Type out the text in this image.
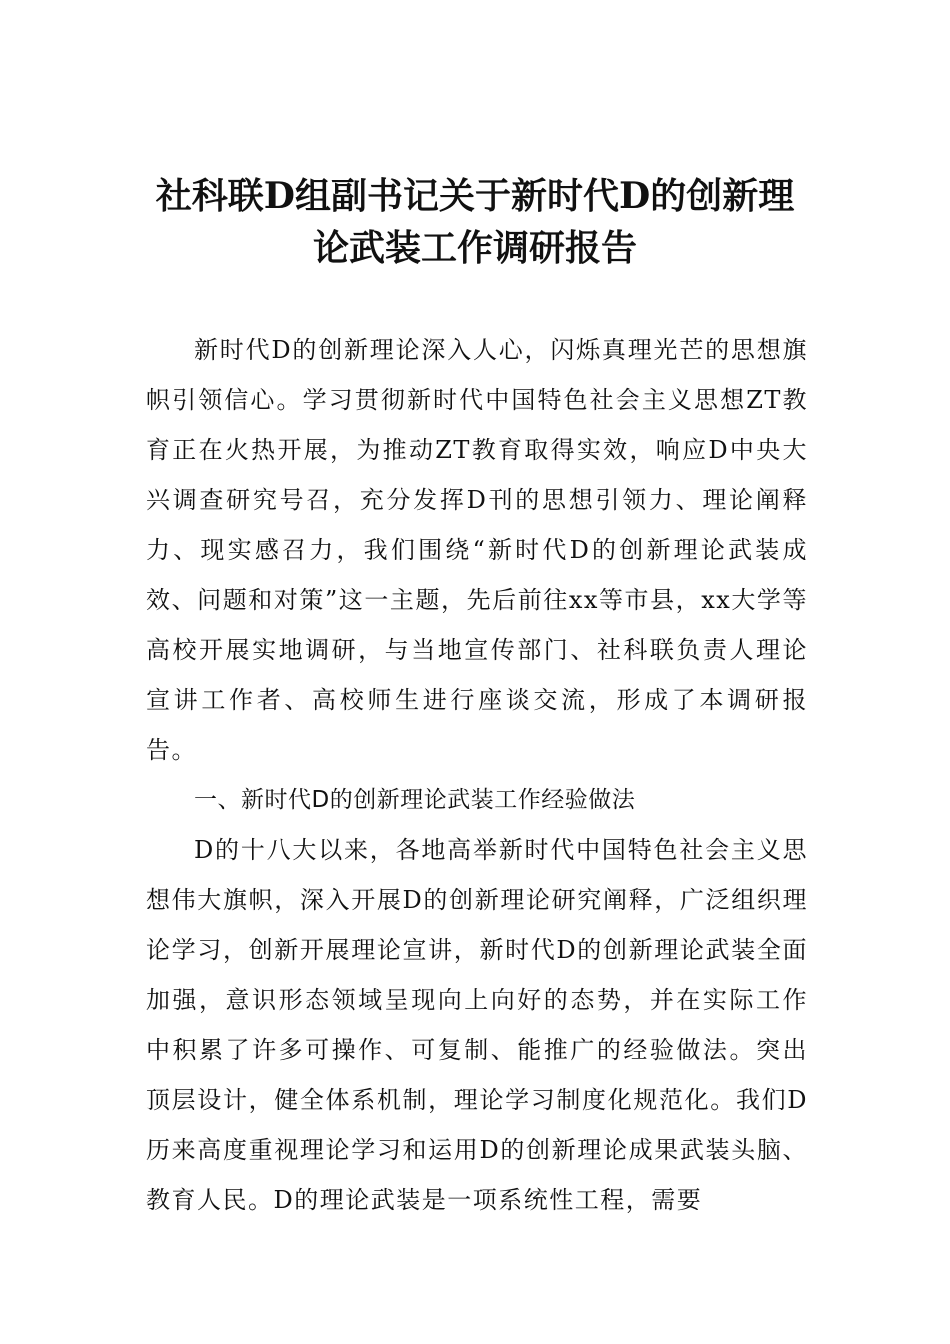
社科联D组副书记关于新时代D的创新理
论武装工作调研报告

新时代D的创新理论深入人心，闪烁真理光芒的思想旗帜引领信心。学习贯彻新时代中国特色社会主义思想ZT教育正在火热开展，为推动ZT教育取得实效，响应D中央大兴调查研究号召，充分发挥D刊的思想引领力、理论阐释力、现实感召力，我们围绕“新时代D的创新理论武装成效、问题和对策”这一主题，先后前往xx等市县，xx大学等高校开展实地调研，与当地宣传部门、社科联负责人理论宣讲工作者、高校师生进行座谈交流，形成了本调研报告。

一、新时代D的创新理论武装工作经验做法

D的十八大以来，各地高举新时代中国特色社会主义思想伟大旗帜，深入开展D的创新理论研究阐释，广泛组织理论学习，创新开展理论宣讲，新时代D的创新理论武装全面加强，意识形态领域呈现向上向好的态势，并在实际工作中积累了许多可操作、可复制、能推广的经验做法。突出顶层设计，健全体系机制，理论学习制度化规范化。我们D历来高度重视理论学习和运用D的创新理论成果武装头脑、教育人民。D的理论武装是一项系统性工程，需要
